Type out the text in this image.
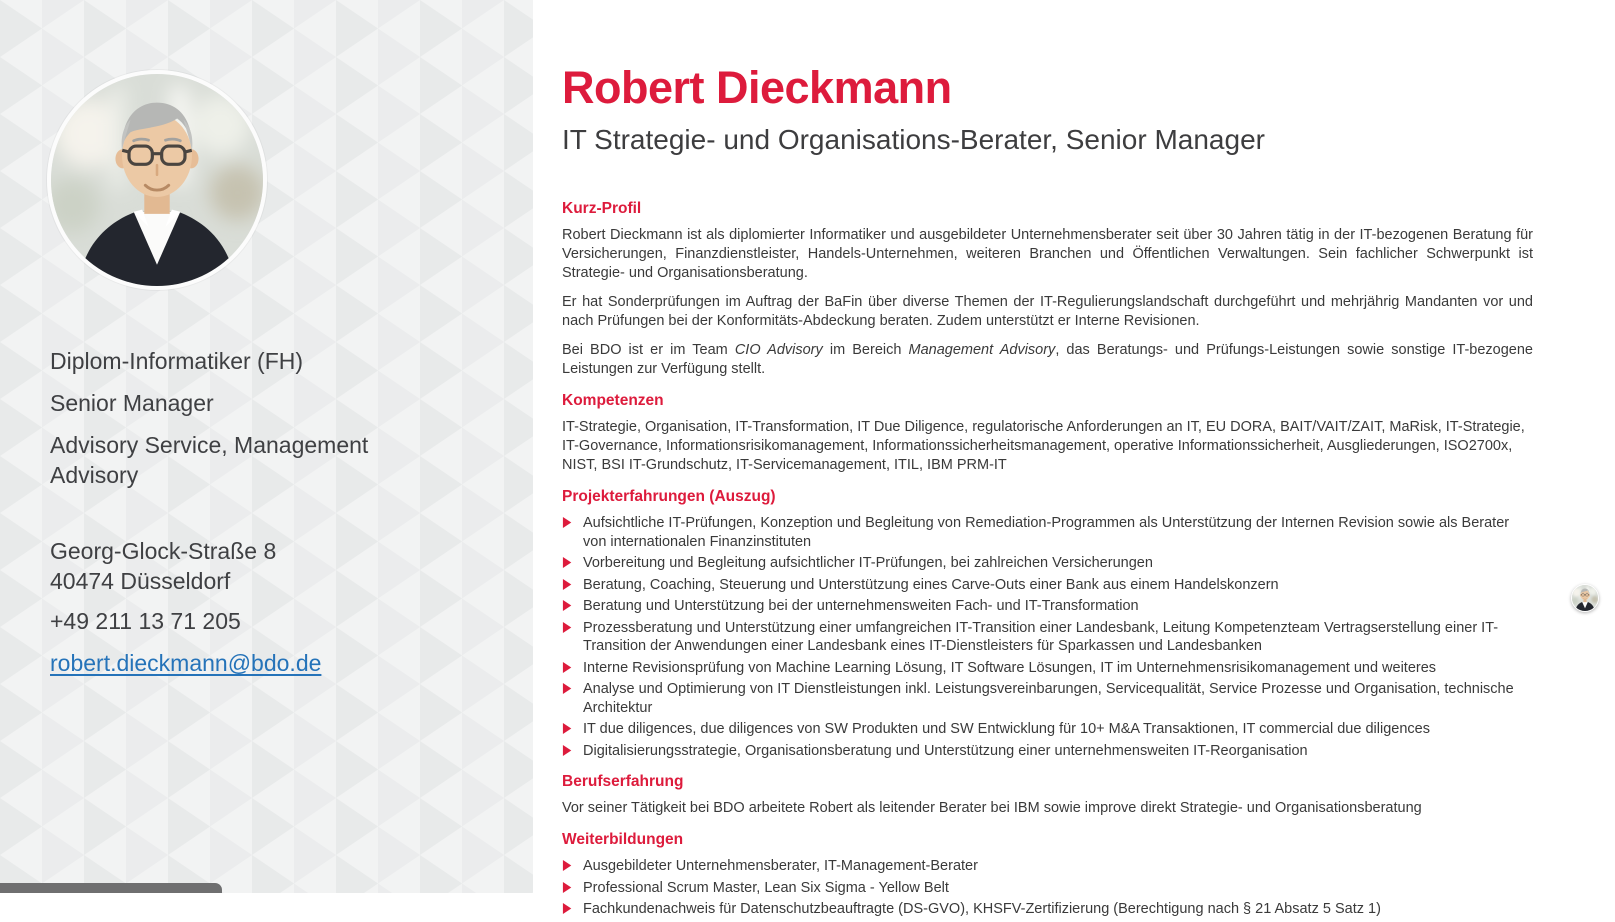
Diplom-Informatiker (FH)

Senior Manager

Advisory Service, Management Advisory

Georg-Glock-Straße 8
40474 Düsseldorf
+49 211 13 71 205
robert.dieckmann@bdo.de
Robert Dieckmann
IT Strategie- und Organisations-Berater, Senior Manager
Kurz-Profil

Robert Dieckmann ist als diplomierter Informatiker und ausgebildeter Unternehmensberater seit über 30 Jahren tätig in der IT-bezogenen Beratung für Versicherungen, Finanzdienstleister, Handels-Unternehmen, weiteren Branchen und Öffentlichen Verwaltungen. Sein fachlicher Schwerpunkt ist Strategie- und Organisationsberatung.

Er hat Sonderprüfungen im Auftrag der BaFin über diverse Themen der IT-Regulierungslandschaft durchgeführt und mehrjährig Mandanten vor und nach Prüfungen bei der Konformitäts-Abdeckung beraten. Zudem unterstützt er Interne Revisionen.

Bei BDO ist er im Team CIO Advisory im Bereich Management Advisory, das Beratungs- und Prüfungs-Leistungen sowie sonstige IT-bezogene Leistungen zur Verfügung stellt.

Kompetenzen

IT-Strategie, Organisation, IT-Transformation, IT Due Diligence, regulatorische Anforderungen an IT, EU DORA, BAIT/VAIT/ZAIT, MaRisk, IT-Strategie, IT-Governance, Informationsrisikomanagement, Informationssicherheitsmanagement, operative Informationssicherheit, Ausgliederungen, ISO2700x, NIST, BSI IT-Grundschutz, IT-Servicemanagement, ITIL, IBM PRM-IT

Projekterfahrungen (Auszug)
Aufsichtliche IT-Prüfungen, Konzeption und Begleitung von Remediation-Programmen als Unterstützung der Internen Revision sowie als Berater von internationalen Finanzinstituten
Vorbereitung und Begleitung aufsichtlicher IT-Prüfungen, bei zahlreichen Versicherungen
Beratung, Coaching, Steuerung und Unterstützung eines Carve-Outs einer Bank aus einem Handelskonzern
Beratung und Unterstützung bei der unternehmensweiten Fach- und IT-Transformation
Prozessberatung und Unterstützung einer umfangreichen IT-Transition einer Landesbank, Leitung Kompetenzteam Vertragserstellung einer IT-Transition der Anwendungen einer Landesbank eines IT-Dienstleisters für Sparkassen und Landesbanken
Interne Revisionsprüfung von Machine Learning Lösung, IT Software Lösungen, IT im Unternehmensrisikomanagement und weiteres
Analyse und Optimierung von IT Dienstleistungen inkl. Leistungsvereinbarungen, Servicequalität, Service Prozesse und Organisation, technische Architektur
IT due diligences, due diligences von SW Produkten und SW Entwicklung für 10+ M&A Transaktionen, IT commercial due diligences
Digitalisierungsstrategie, Organisationsberatung und Unterstützung einer unternehmensweiten IT-Reorganisation
Berufserfahrung

Vor seiner Tätigkeit bei BDO arbeitete Robert als leitender Berater bei IBM sowie improve direkt Strategie- und Organisationsberatung

Weiterbildungen
Ausgebildeter Unternehmensberater, IT-Management-Berater
Professional Scrum Master, Lean Six Sigma - Yellow Belt
Fachkundenachweis für Datenschutzbeauftragte (DS-GVO), KHSFV-Zertifizierung (Berechtigung nach § 21 Absatz 5 Satz 1)
